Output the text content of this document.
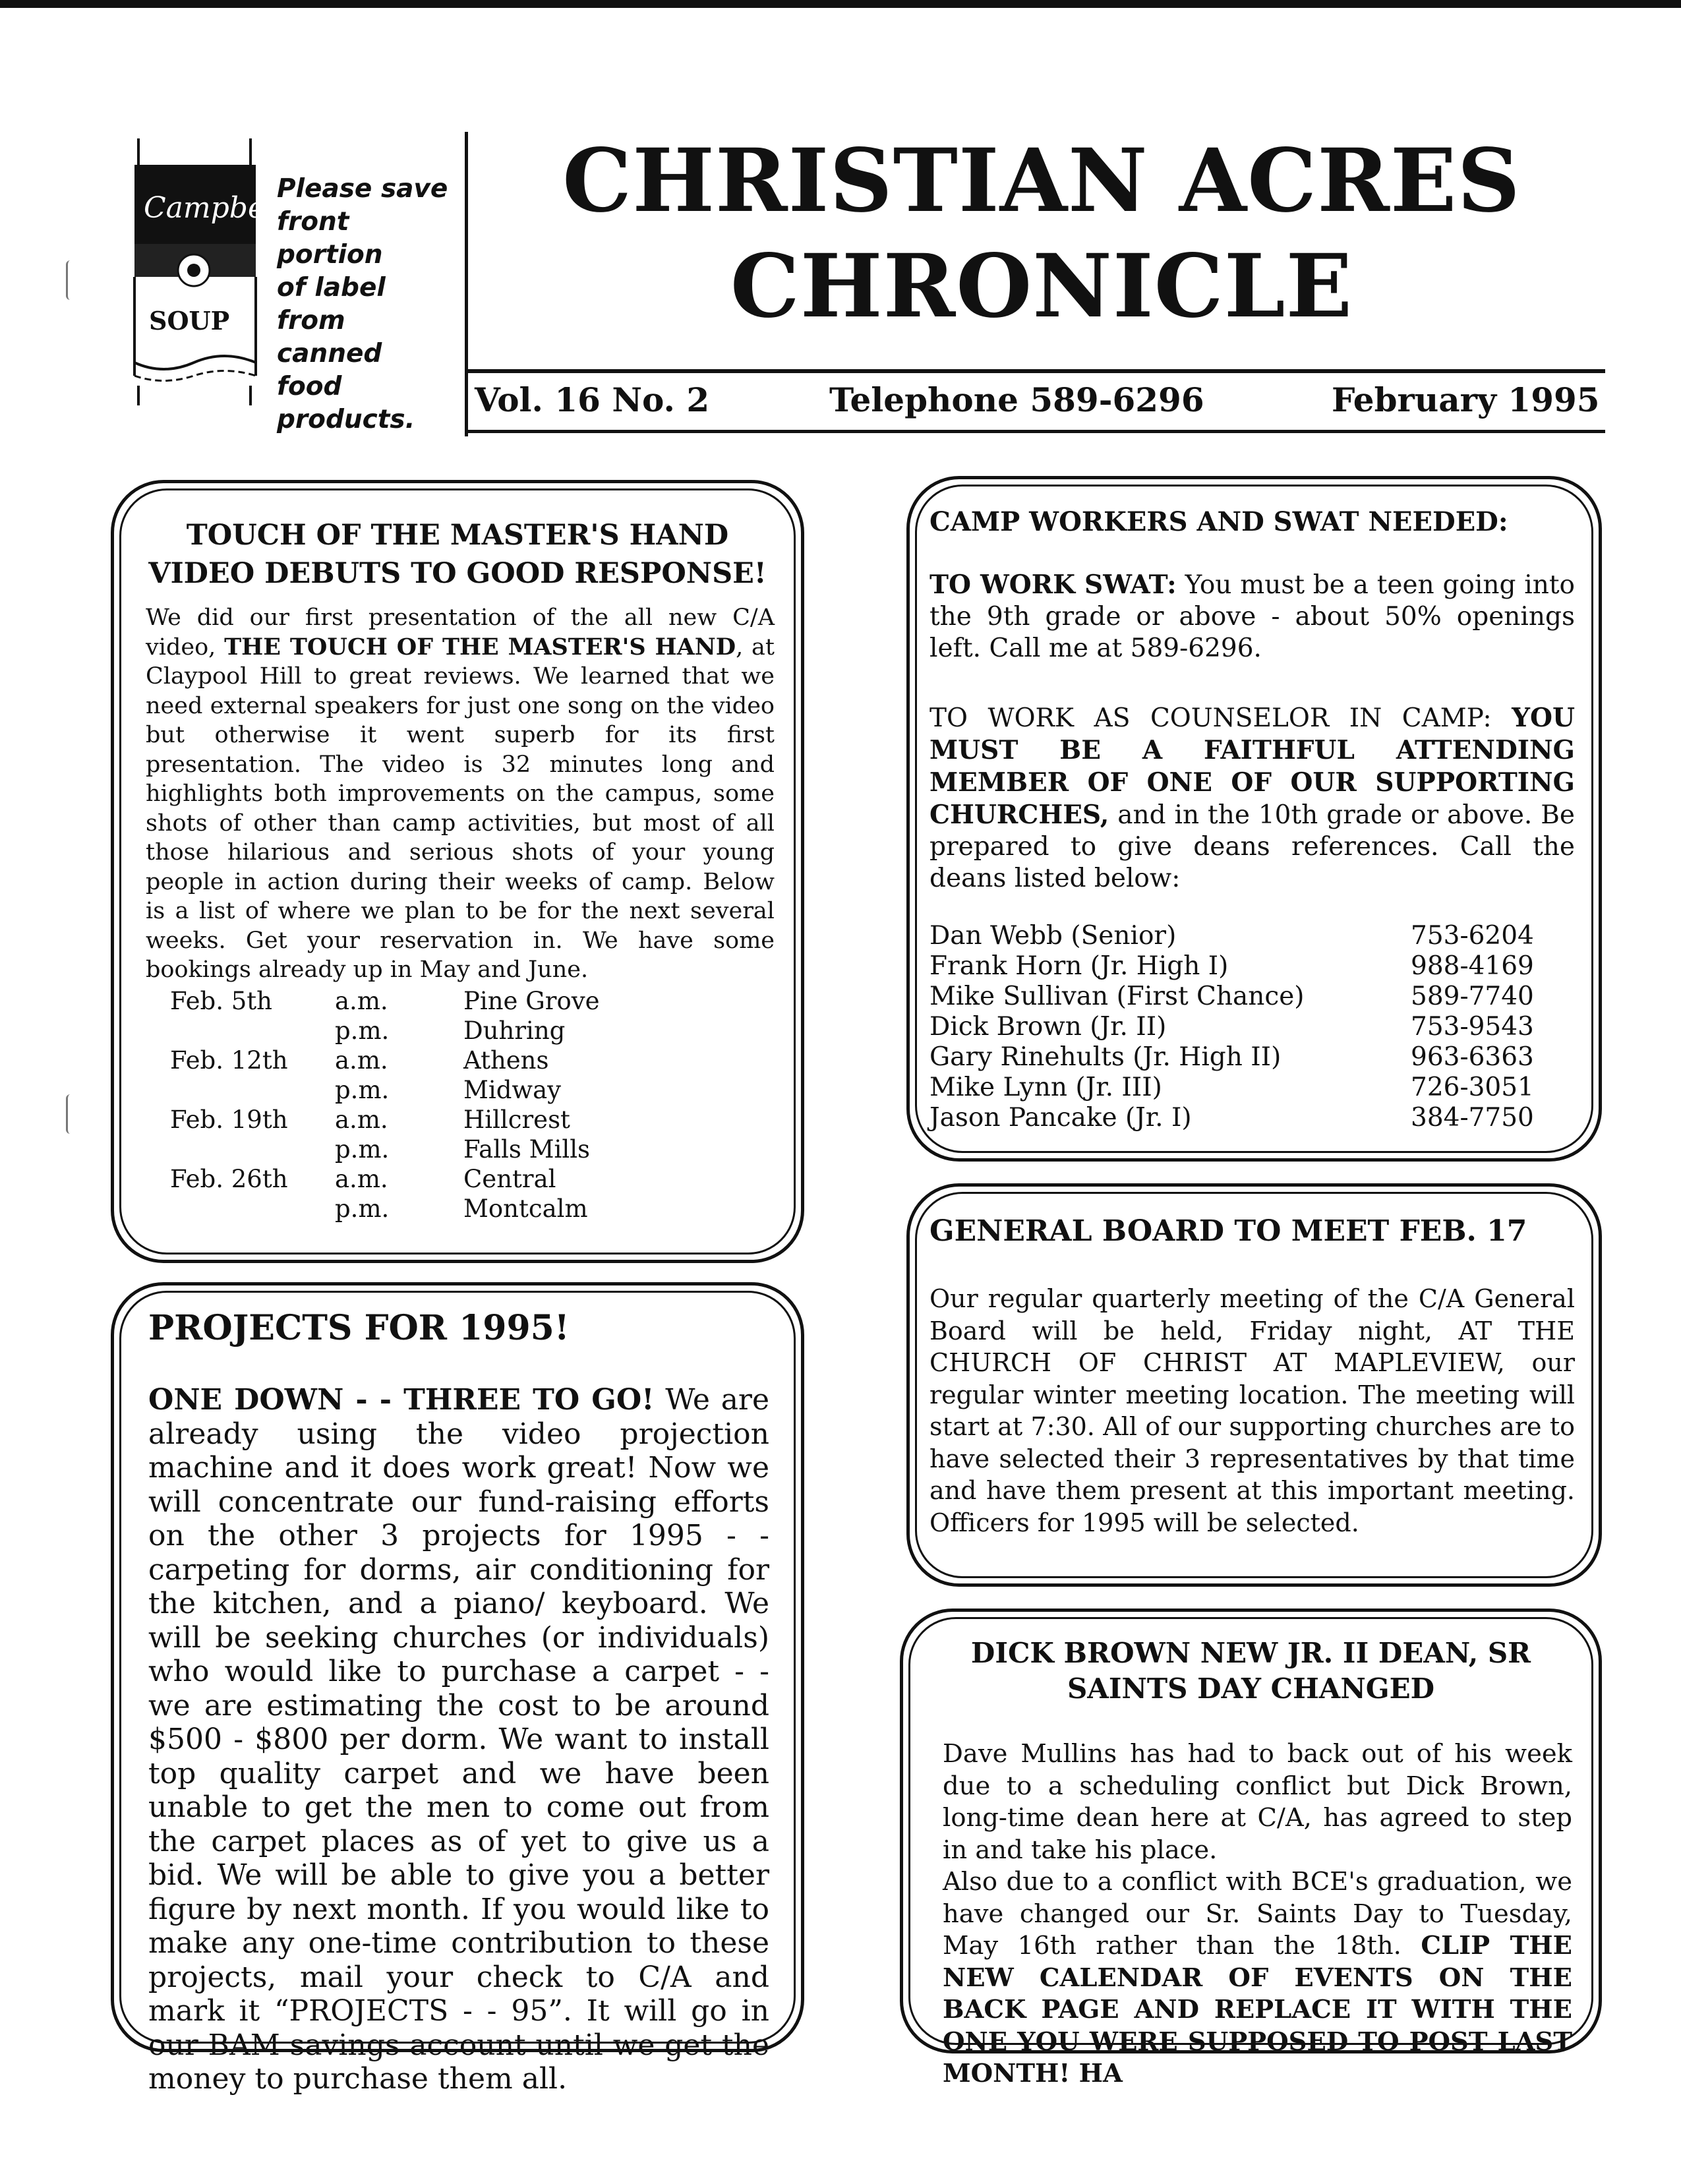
Campbell's
SOUP
Please save
front portion
of label from
canned food
products.
CHRISTIAN ACRES
CHRONICLE
Vol. 16 No. 2	Telephone 589-6296	February 1995
TOUCH OF THE MASTER'S HAND
VIDEO DEBUTS TO GOOD RESPONSE!

We did our first presentation of the all new C/A video, THE TOUCH OF THE MASTER'S HAND, at Claypool Hill to great reviews. We learned that we need external speakers for just one song on the video but otherwise it went superb for its first presentation. The video is 32 minutes long and highlights both improvements on the campus, some shots of other than camp activities, but most of all those hilarious and serious shots of your young people in action during their weeks of camp. Below is a list of where we plan to be for the next several weeks. Get your reservation in. We have some bookings already up in May and June.

Feb. 5th	a.m.	Pine Grove
p.m.	Duhring
Feb. 12th a.m.	Athens
p.m.	Midway
Feb. 19th a.m.	Hillcrest
p.m.	Falls Mills
Feb. 26th a.m.	Central
p.m.	Montcalm
PROJECTS FOR 1995!

ONE DOWN - - THREE TO GO! We are already using the video projection machine and it does work great! Now we will concentrate our fund-raising efforts on the other 3 projects for 1995 - - carpeting for dorms, air conditioning for the kitchen, and a piano/ keyboard. We will be seeking churches (or individuals) who would like to purchase a carpet - - we are estimating the cost to be around $500 - $800 per dorm. We want to install top quality carpet and we have been unable to get the men to come out from the carpet places as of yet to give us a bid. We will be able to give you a better figure by next month. If you would like to make any one-time contribution to these projects, mail your check to C/A and mark it “PROJECTS - - 95”. It will go in our BAM savings account until we get the money to purchase them all.

CAMP WORKERS AND SWAT NEEDED:

TO WORK SWAT: You must be a teen going into the 9th grade or above - about 50% openings left. Call me at 589-6296.

TO WORK AS COUNSELOR IN CAMP: YOU MUST BE A FAITHFUL ATTENDING MEMBER OF ONE OF OUR SUPPORTING CHURCHES, and in the 10th grade or above. Be prepared to give deans references. Call the deans listed below:

Dan Webb (Senior)	753-6204
Frank Horn (Jr. High I)	988-4169
Mike Sullivan (First Chance)	589-7740
Dick Brown (Jr. II)	753-9543
Gary Rinehults (Jr. High II)	963-6363
Mike Lynn (Jr. III)	726-3051
Jason Pancake (Jr. I)	384-7750
GENERAL BOARD TO MEET FEB. 17

Our regular quarterly meeting of the C/A General Board will be held, Friday night, AT THE CHURCH OF CHRIST AT MAPLEVIEW, our regular winter meeting location. The meeting will start at 7:30. All of our supporting churches are to have selected their 3 representatives by that time and have them present at this important meeting. Officers for 1995 will be selected.

DICK BROWN NEW JR. II DEAN, SR
SAINTS DAY CHANGED

Dave Mullins has had to back out of his week due to a scheduling conflict but Dick Brown, long-time dean here at C/A, has agreed to step in and take his place.
Also due to a conflict with BCE's graduation, we have changed our Sr. Saints Day to Tuesday, May 16th rather than the 18th. CLIP THE NEW CALENDAR OF EVENTS ON THE BACK PAGE AND REPLACE IT WITH THE ONE YOU WERE SUPPOSED TO POST LAST MONTH! HA
